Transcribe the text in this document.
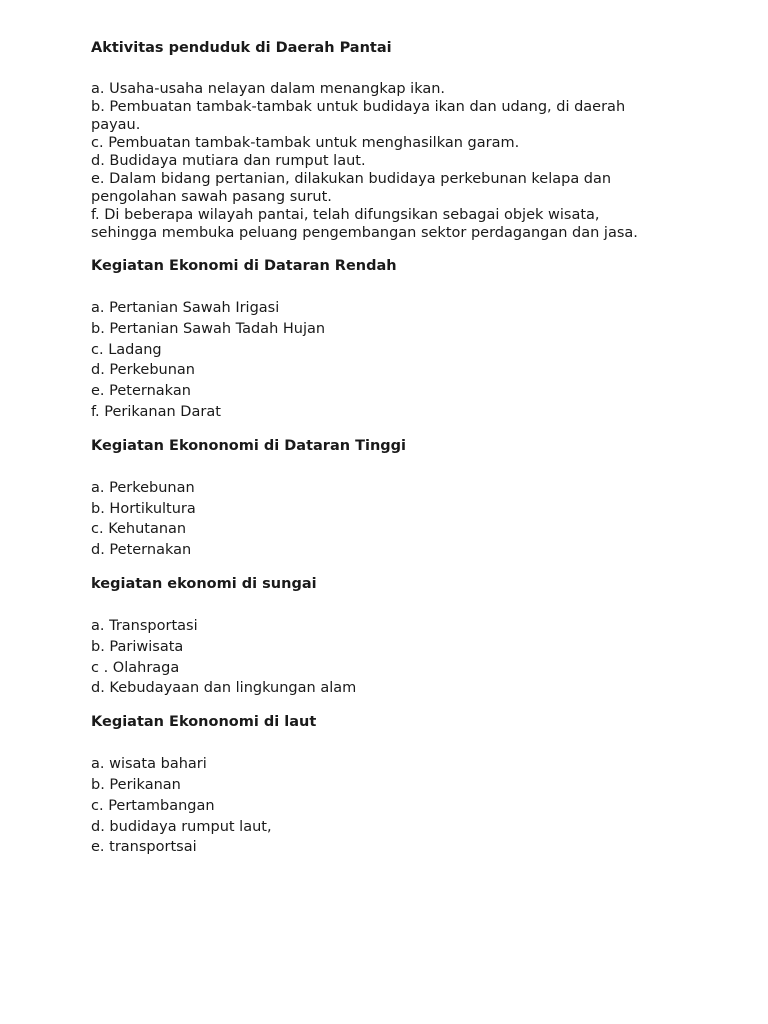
Aktivitas penduduk di Daerah Pantai

a. Usaha-usaha nelayan dalam menangkap ikan.

b. Pembuatan tambak-tambak untuk budidaya ikan dan udang, di daerah

payau.

c. Pembuatan tambak-tambak untuk menghasilkan garam.

d. Budidaya mutiara dan rumput laut.

e. Dalam bidang pertanian, dilakukan budidaya perkebunan kelapa dan

pengolahan sawah pasang surut.

f. Di beberapa wilayah pantai, telah difungsikan sebagai objek wisata,

sehingga membuka peluang pengembangan sektor perdagangan dan jasa.

Kegiatan Ekonomi di Dataran Rendah
a. Pertanian Sawah Irigasi
b. Pertanian Sawah Tadah Hujan
c. Ladang
d. Perkebunan
e. Peternakan
f. Perikanan Darat
Kegiatan Ekononomi di Dataran Tinggi
a. Perkebunan
b. Hortikultura
c. Kehutanan
d. Peternakan
kegiatan ekonomi di sungai
a. Transportasi
b. Pariwisata
c . Olahraga
d. Kebudayaan dan lingkungan alam
Kegiatan Ekononomi di laut
a. wisata bahari
b. Perikanan
c. Pertambangan
d. budidaya rumput laut,
e. transportsai
